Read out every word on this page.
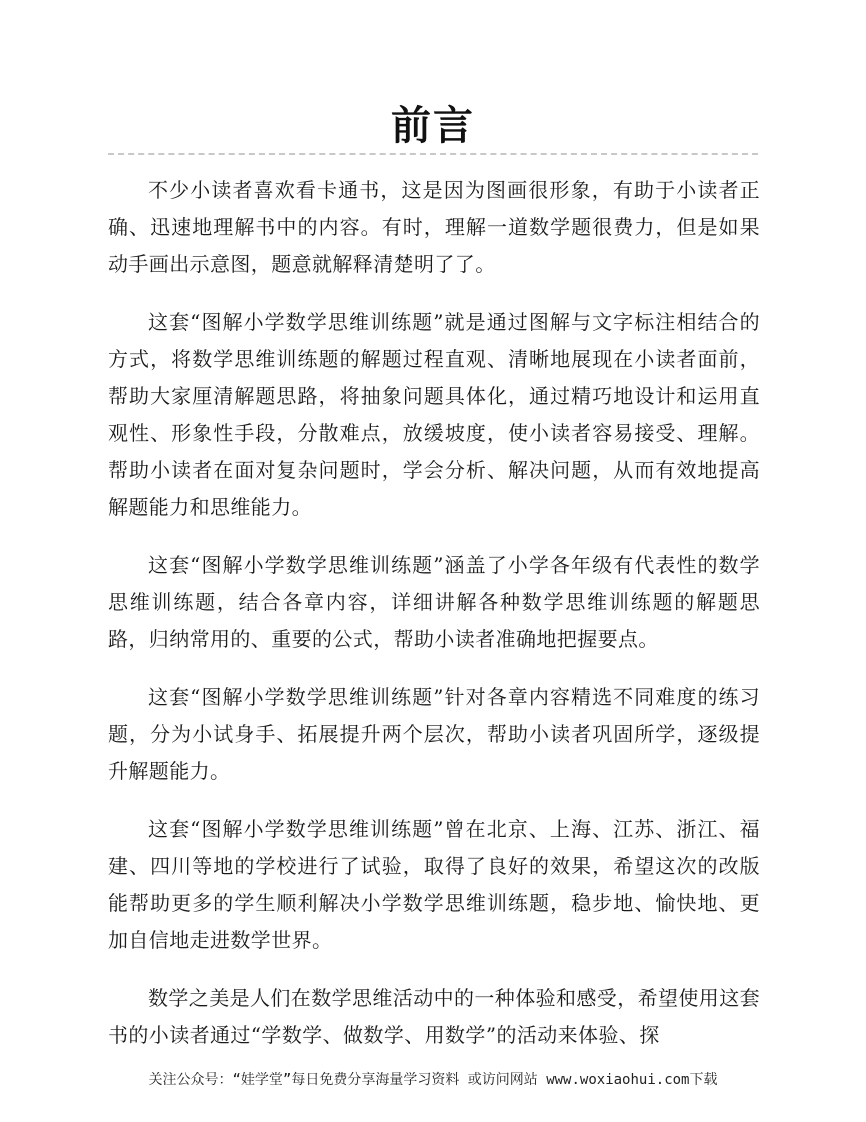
前言

不少小读者喜欢看卡通书，这是因为图画很形象，有助于小读者正确、迅速地理解书中的内容。有时，理解一道数学题很费力，但是如果动手画出示意图，题意就解释清楚明了了。

这套“图解小学数学思维训练题”就是通过图解与文字标注相结合的方式，将数学思维训练题的解题过程直观、清晰地展现在小读者面前，帮助大家厘清解题思路，将抽象问题具体化，通过精巧地设计和运用直观性、形象性手段，分散难点，放缓坡度，使小读者容易接受、理解。帮助小读者在面对复杂问题时，学会分析、解决问题，从而有效地提高解题能力和思维能力。

这套“图解小学数学思维训练题”涵盖了小学各年级有代表性的数学思维训练题，结合各章内容，详细讲解各种数学思维训练题的解题思路，归纳常用的、重要的公式，帮助小读者准确地把握要点。

这套“图解小学数学思维训练题”针对各章内容精选不同难度的练习题，分为小试身手、拓展提升两个层次，帮助小读者巩固所学，逐级提升解题能力。

这套“图解小学数学思维训练题”曾在北京、上海、江苏、浙江、福建、四川等地的学校进行了试验，取得了良好的效果，希望这次的改版能帮助更多的学生顺利解决小学数学思维训练题，稳步地、愉快地、更加自信地走进数学世界。

数学之美是人们在数学思维活动中的一种体验和感受，希望使用这套书的小读者通过“学数学、做数学、用数学”的活动来体验、探

关注公众号：“娃学堂”每日免费分享海量学习资料 或访问网站 www.woxiaohui.com下载
